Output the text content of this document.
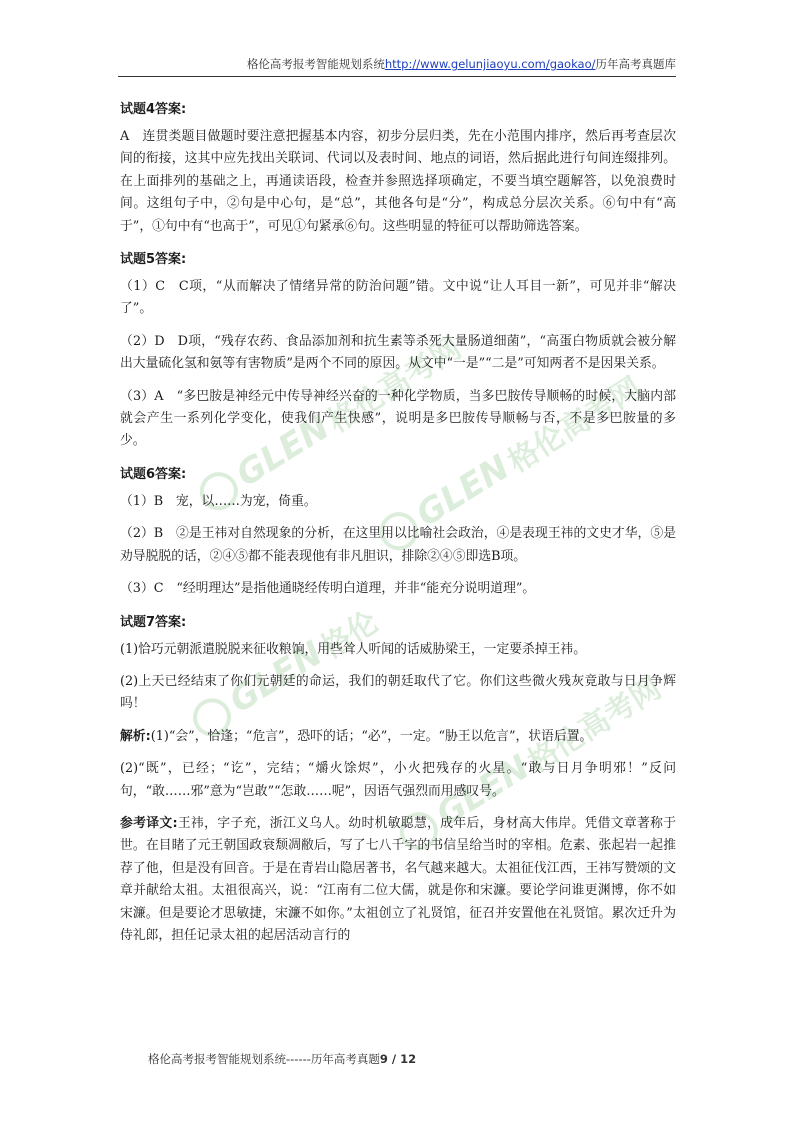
格伦高考报考智能规划系统http://www.gelunjiaoyu.com/gaokao/历年高考真题库
GLEN格伦高考网
GLEN格伦高考网
GLEN格伦
GLEN格伦高考网

试题4答案:

A　连贯类题目做题时要注意把握基本内容，初步分层归类，先在小范围内排序，然后再考查层次间的衔接，这其中应先找出关联词、代词以及表时间、地点的词语，然后据此进行句间连缀排列。在上面排列的基础之上，再通读语段，检查并参照选择项确定，不要当填空题解答，以免浪费时间。这组句子中，②句是中心句，是“总”，其他各句是“分”，构成总分层次关系。⑥句中有“高于”，①句中有“也高于”，可见①句紧承⑥句。这些明显的特征可以帮助筛选答案。

试题5答案:

（1）C　C项，“从而解决了情绪异常的防治问题”错。文中说“让人耳目一新”，可见并非“解决了”。

（2）D　D项，“残存农药、食品添加剂和抗生素等杀死大量肠道细菌”，“高蛋白物质就会被分解出大量硫化氢和氨等有害物质”是两个不同的原因。从文中“一是”“二是”可知两者不是因果关系。

（3）A　“多巴胺是神经元中传导神经兴奋的一种化学物质，当多巴胺传导顺畅的时候，大脑内部就会产生一系列化学变化，使我们产生快感”，说明是多巴胺传导顺畅与否，不是多巴胺量的多少。

试题6答案:

（1）B　宠，以……为宠，倚重。

（2）B　②是王祎对自然现象的分析，在这里用以比喻社会政治，④是表现王祎的文史才华，⑤是劝导脱脱的话，②④⑤都不能表现他有非凡胆识，排除②④⑤即选B项。

（3）C　“经明理达”是指他通晓经传明白道理，并非“能充分说明道理”。

试题7答案:

(1)恰巧元朝派遣脱脱来征收粮饷，用些耸人听闻的话威胁梁王，一定要杀掉王祎。

(2)上天已经结束了你们元朝廷的命运，我们的朝廷取代了它。你们这些微火残灰竟敢与日月争辉吗！

解析:(1)“会”，恰逢；“危言”，恐吓的话；“必”，一定。“胁王以危言”，状语后置。

(2)“既”，已经；“讫”，完结；“爝火馀烬”，小火把残存的火星。“敢与日月争明邪！”反问句，“敢……邪”意为“岂敢”“怎敢……呢”，因语气强烈而用感叹号。

参考译文:王祎，字子充，浙江义乌人。幼时机敏聪慧，成年后，身材高大伟岸。凭借文章著称于世。在目睹了元王朝国政衰颓凋敝后，写了七八千字的书信呈给当时的宰相。危素、张起岩一起推荐了他，但是没有回音。于是在青岩山隐居著书，名气越来越大。太祖征伐江西，王祎写赞颂的文章并献给太祖。太祖很高兴，说：“江南有二位大儒，就是你和宋濂。要论学问谁更渊博，你不如宋濂。但是要论才思敏捷，宋濂不如你。”太祖创立了礼贤馆，征召并安置他在礼贤馆。累次迁升为侍礼郎，担任记录太祖的起居活动言行的

格伦高考报考智能规划系统------历年高考真题9 / 12
